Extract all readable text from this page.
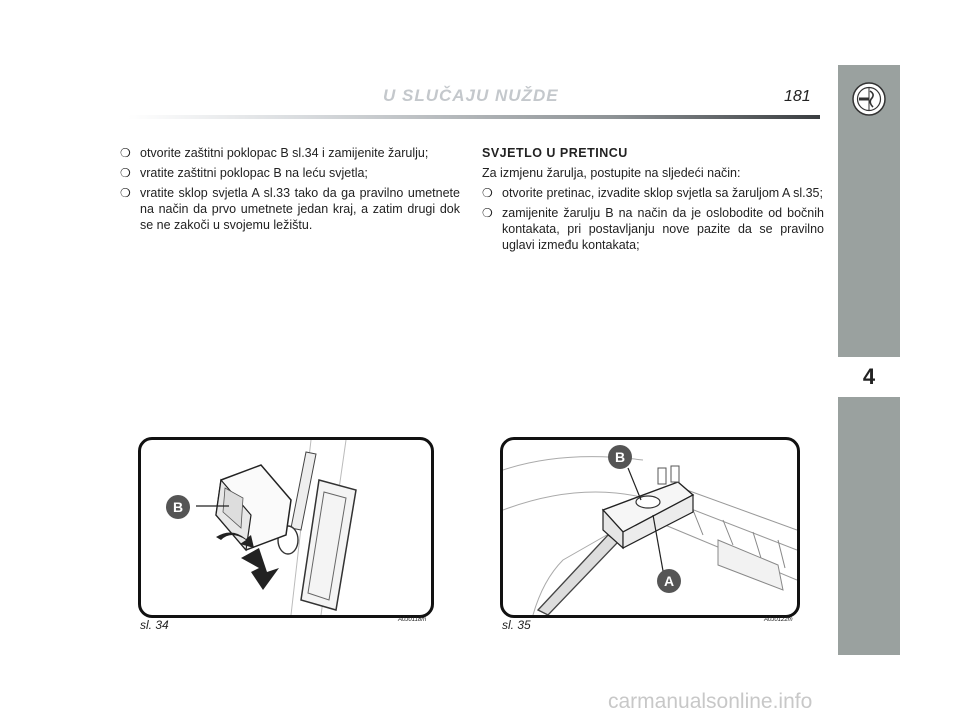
U SLUČAJU NUŽDE	181
4
❍ otvorite zaštitni poklopac B sl.34 i zamijenite žarulju;
❍ vratite zaštitni poklopac B na leću svjetla;
❍ vratite sklop svjetla A sl.33 tako da ga pravilno umetnete na način da prvo umetnete jedan kraj, a zatim drugi dok se ne zakoči u svojemu ležištu.
SVJETLO U PRETINCU
Za izmjenu žarulja, postupite na sljedeći način:
❍ otvorite pretinac, izvadite sklop svjetla sa žaruljom A sl.35;
❍ zamijenite žarulju B na način da je oslobodite od bočnih kontakata, pri postavljanju nove pazite da se pravilno uglavi između kontakata;
B
sl. 34	A0J0118m
B
A
sl. 35	A0J0122m
carmanualsonline.info
